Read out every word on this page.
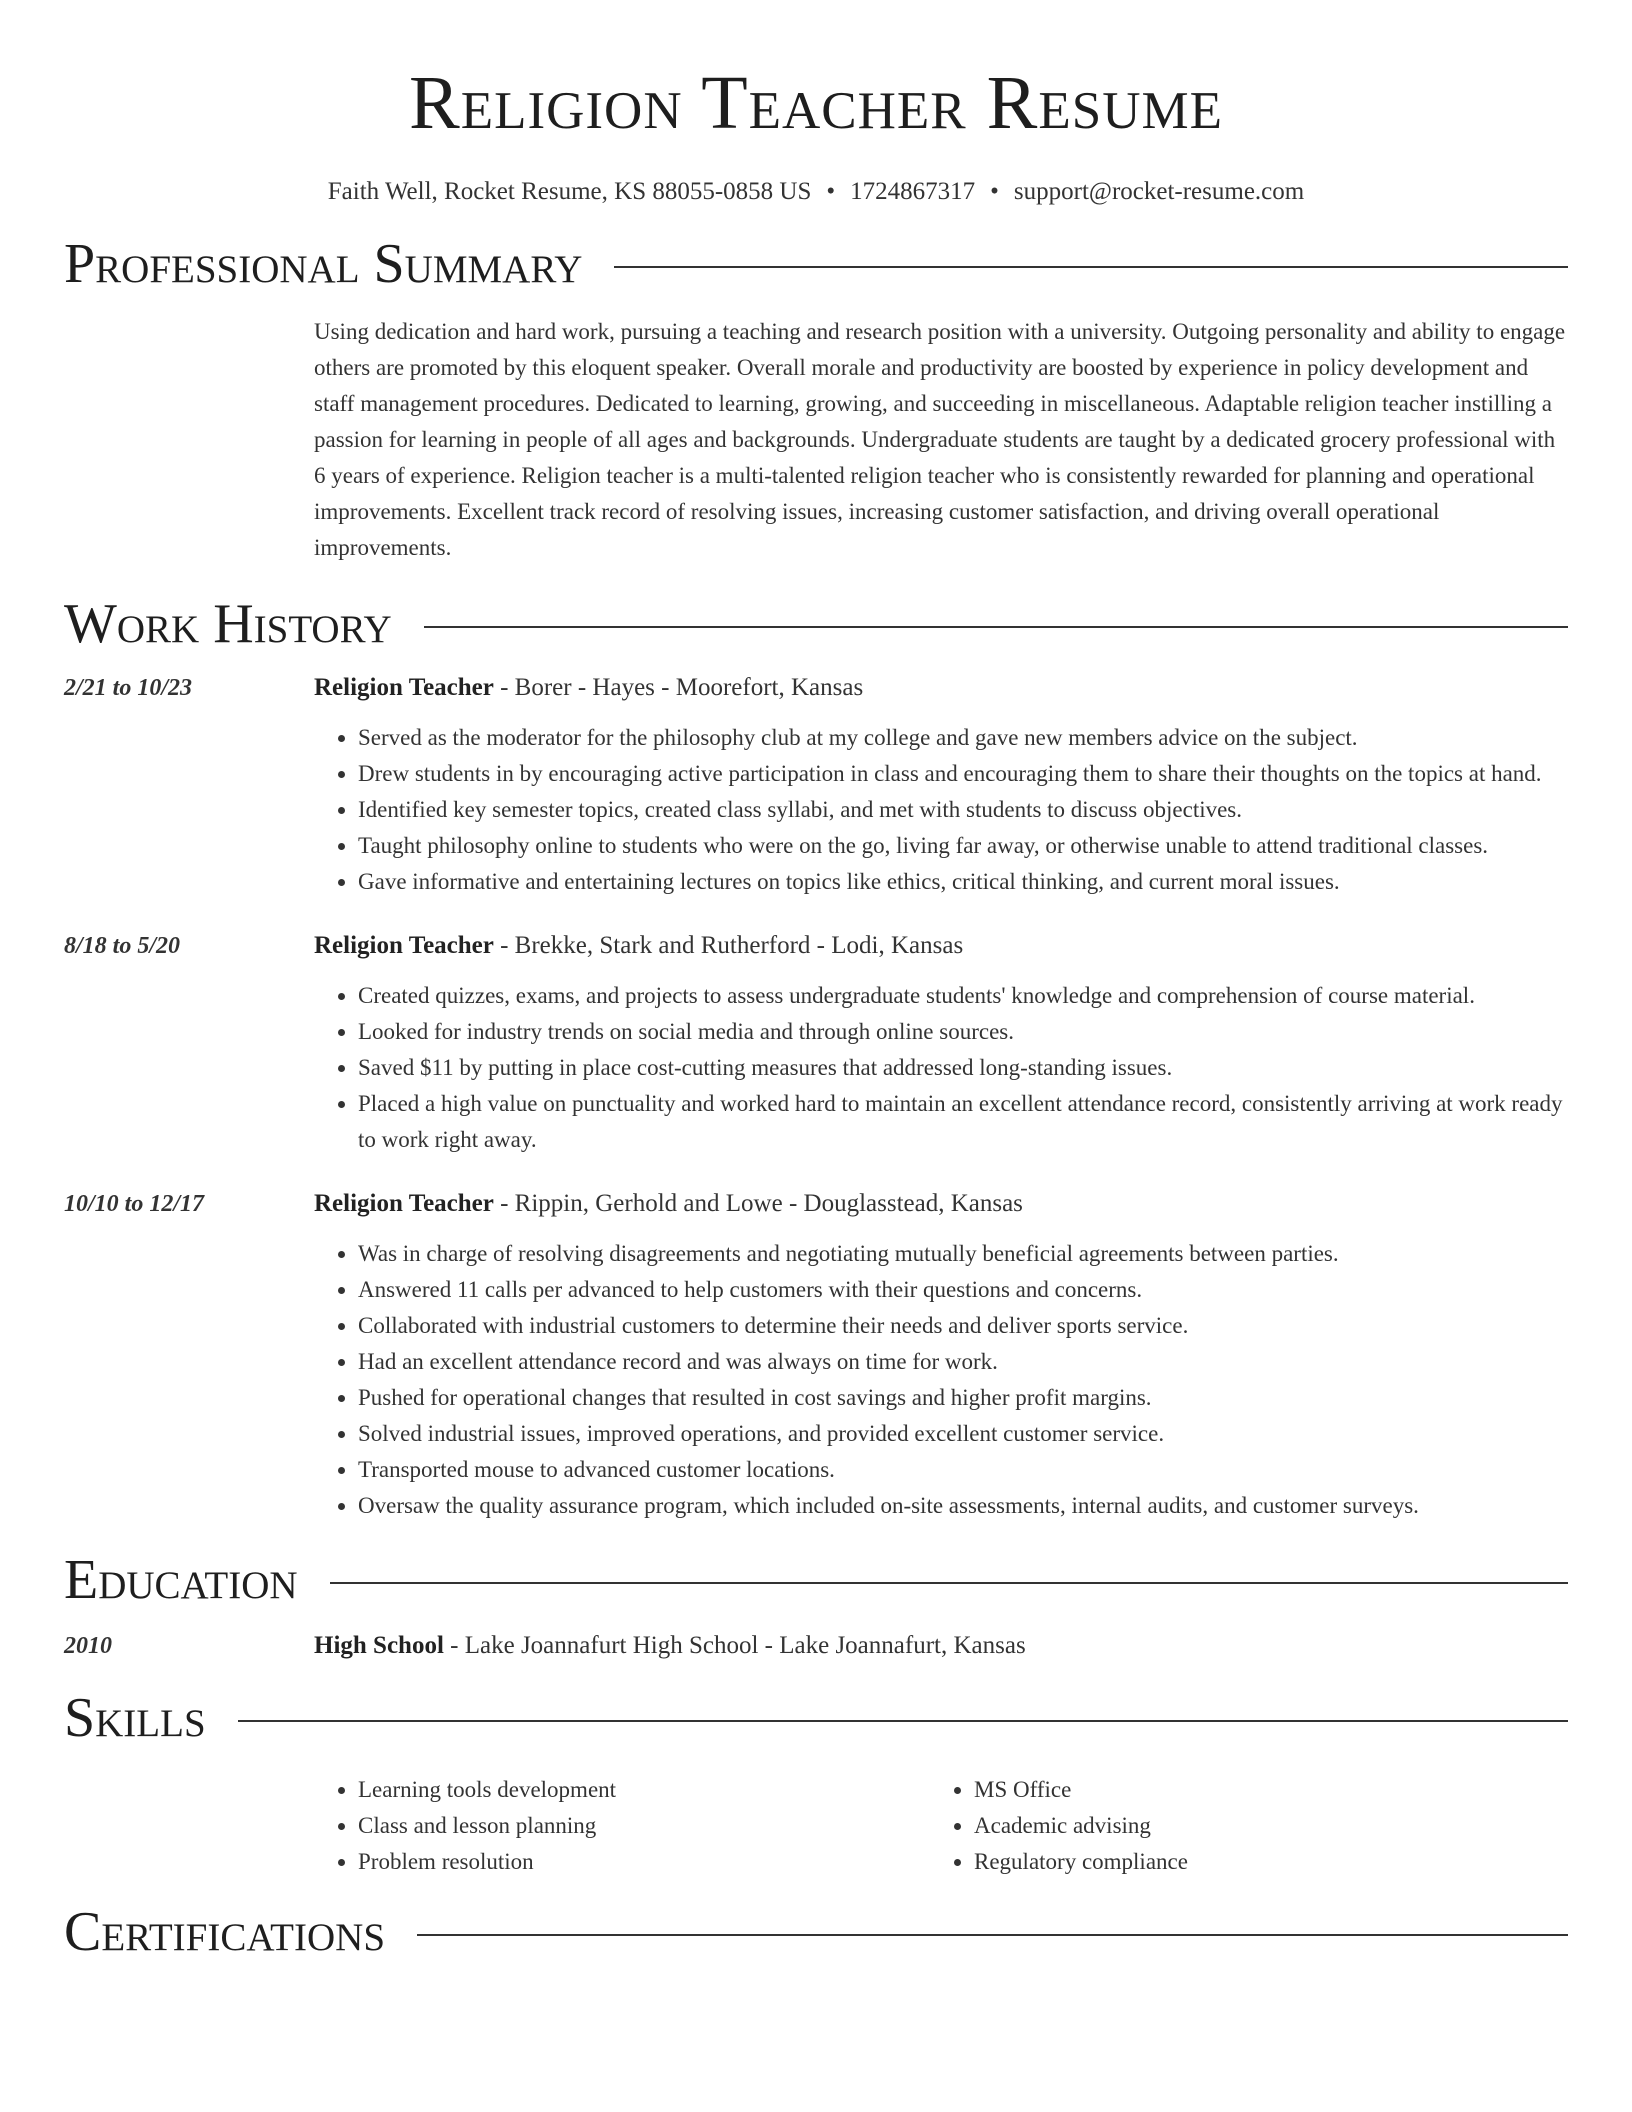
Religion Teacher Resume
Faith Well, Rocket Resume, KS 88055-0858 US • 1724867317 • support@rocket-resume.com
Professional Summary
Using dedication and hard work, pursuing a teaching and research position with a university. Outgoing personality and ability to engage others are promoted by this eloquent speaker. Overall morale and productivity are boosted by experience in policy development and staff management procedures. Dedicated to learning, growing, and succeeding in miscellaneous. Adaptable religion teacher instilling a passion for learning in people of all ages and backgrounds. Undergraduate students are taught by a dedicated grocery professional with 6 years of experience. Religion teacher is a multi-talented religion teacher who is consistently rewarded for planning and operational improvements. Excellent track record of resolving issues, increasing customer satisfaction, and driving overall operational improvements.
Work History
2/21 to 10/23	Religion Teacher - Borer - Hayes - Moorefort, Kansas
• Served as the moderator for the philosophy club at my college and gave new members advice on the subject.
• Drew students in by encouraging active participation in class and encouraging them to share their thoughts on the topics at hand.
• Identified key semester topics, created class syllabi, and met with students to discuss objectives.
• Taught philosophy online to students who were on the go, living far away, or otherwise unable to attend traditional classes.
• Gave informative and entertaining lectures on topics like ethics, critical thinking, and current moral issues.
8/18 to 5/20	Religion Teacher - Brekke, Stark and Rutherford - Lodi, Kansas
• Created quizzes, exams, and projects to assess undergraduate students' knowledge and comprehension of course material.
• Looked for industry trends on social media and through online sources.
• Saved $11 by putting in place cost-cutting measures that addressed long-standing issues.
• Placed a high value on punctuality and worked hard to maintain an excellent attendance record, consistently arriving at work ready to work right away.
10/10 to 12/17	Religion Teacher - Rippin, Gerhold and Lowe - Douglasstead, Kansas
• Was in charge of resolving disagreements and negotiating mutually beneficial agreements between parties.
• Answered 11 calls per advanced to help customers with their questions and concerns.
• Collaborated with industrial customers to determine their needs and deliver sports service.
• Had an excellent attendance record and was always on time for work.
• Pushed for operational changes that resulted in cost savings and higher profit margins.
• Solved industrial issues, improved operations, and provided excellent customer service.
• Transported mouse to advanced customer locations.
• Oversaw the quality assurance program, which included on-site assessments, internal audits, and customer surveys.
Education
2010	High School - Lake Joannafurt High School - Lake Joannafurt, Kansas
Skills
• Learning tools development
• Class and lesson planning
• Problem resolution
• MS Office
• Academic advising
• Regulatory compliance
Certifications
